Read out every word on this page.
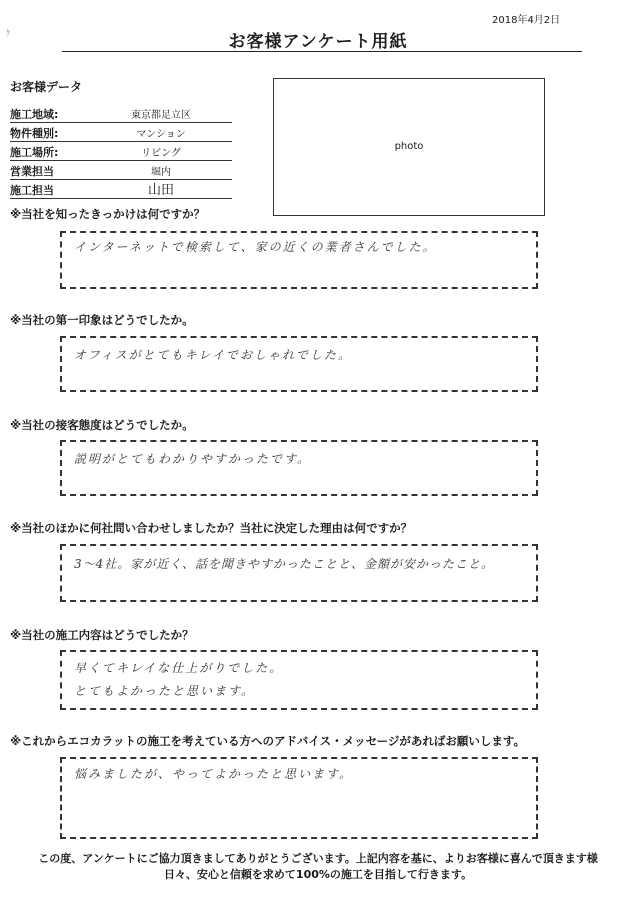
ｹ
2018年4月2日
お客様アンケート用紙
お客様データ
施工地域:	東京都足立区
物件種別:	マンション
施工場所:	リビング
営業担当	堀内
施工担当	山田
photo
※当社を知ったきっかけは何ですか？
インターネットで検索して、家の近くの業者さんでした。
※当社の第一印象はどうでしたか。
オフィスがとてもキレイでおしゃれでした。
※当社の接客態度はどうでしたか。
説明がとてもわかりやすかったです。
※当社のほかに何社問い合わせしましたか？当社に決定した理由は何ですか？
3～4社。家が近く、話を聞きやすかったことと、金額が安かったこと。
※当社の施工内容はどうでしたか？
早くてキレイな仕上がりでした。
とてもよかったと思います。
※これからエコカラットの施工を考えている方へのアドバイス・メッセージがあればお願いします。
悩みましたが、やってよかったと思います。
この度、アンケートにご協力頂きましてありがとうございます。上記内容を基に、よりお客様に喜んで頂きます様
日々、安心と信頼を求めて100%の施工を目指して行きます。
